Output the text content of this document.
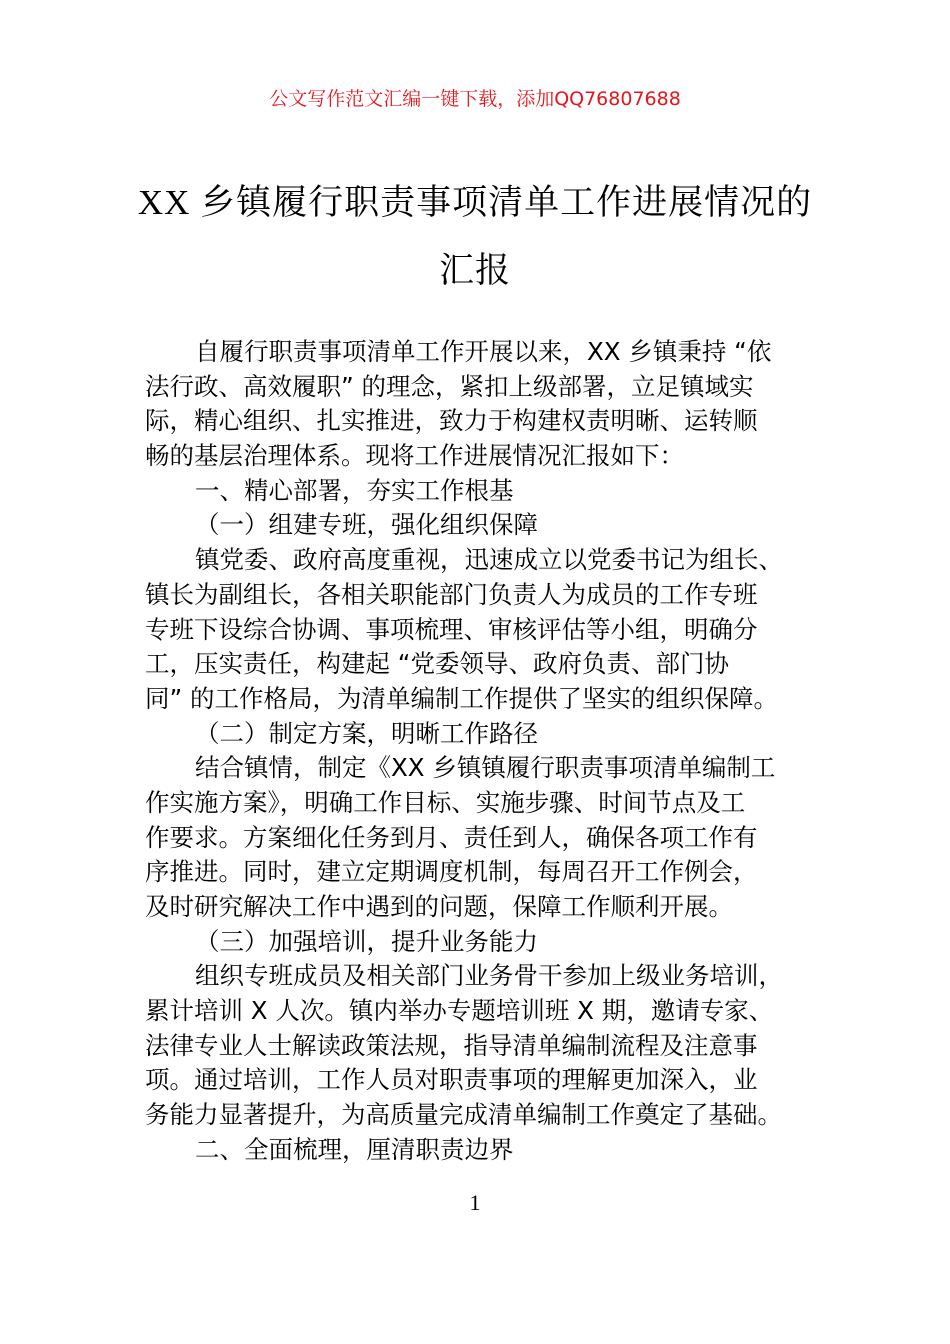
公文写作范文汇编一键下载，添加QQ76807688
XX 乡镇履行职责事项清单工作进展情况的
汇报
自履行职责事项清单工作开展以来，XX 乡镇秉持 “依
法行政、高效履职” 的理念，紧扣上级部署，立足镇域实
际，精心组织、扎实推进，致力于构建权责明晰、运转顺
畅的基层治理体系。现将工作进展情况汇报如下：
一、精心部署，夯实工作根基
（一）组建专班，强化组织保障
镇党委、政府高度重视，迅速成立以党委书记为组长、
镇长为副组长，各相关职能部门负责人为成员的工作专班
专班下设综合协调、事项梳理、审核评估等小组，明确分
工，压实责任，构建起 “党委领导、政府负责、部门协
同” 的工作格局，为清单编制工作提供了坚实的组织保障。
（二）制定方案，明晰工作路径
结合镇情，制定《XX 乡镇镇履行职责事项清单编制工
作实施方案》，明确工作目标、实施步骤、时间节点及工
作要求。方案细化任务到月、责任到人，确保各项工作有
序推进。同时，建立定期调度机制，每周召开工作例会，
及时研究解决工作中遇到的问题，保障工作顺利开展。
（三）加强培训，提升业务能力
组织专班成员及相关部门业务骨干参加上级业务培训，
累计培训 X 人次。镇内举办专题培训班 X 期，邀请专家、
法律专业人士解读政策法规，指导清单编制流程及注意事
项。通过培训，工作人员对职责事项的理解更加深入，业
务能力显著提升，为高质量完成清单编制工作奠定了基础。
二、全面梳理，厘清职责边界
1
